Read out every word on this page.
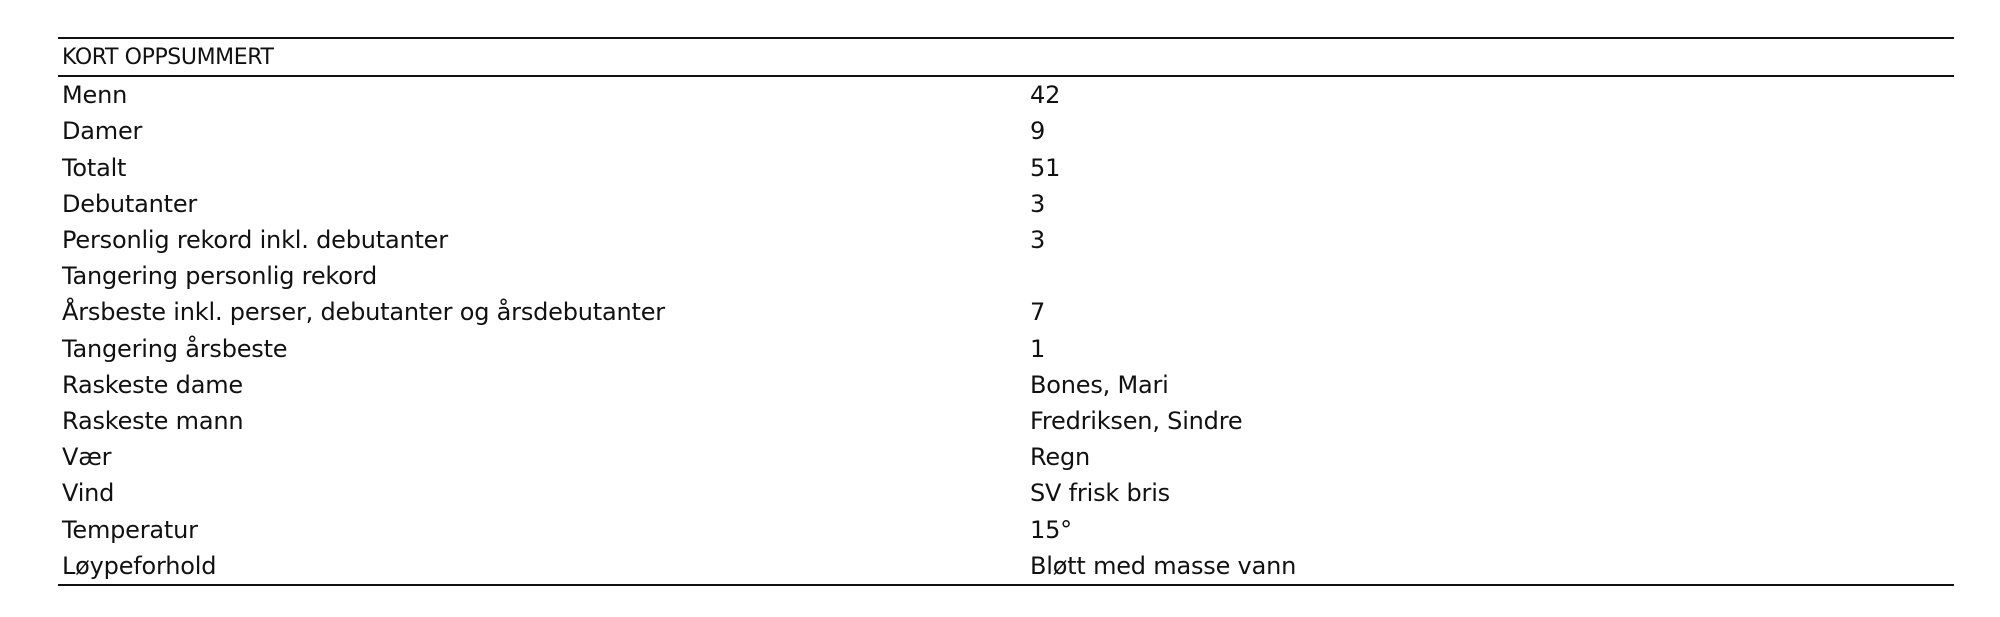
KORT OPPSUMMERT	
Menn	42
Damer	9
Totalt	51
Debutanter	3
Personlig rekord inkl. debutanter	3
Tangering personlig rekord	
Årsbeste inkl. perser, debutanter og årsdebutanter	7
Tangering årsbeste	1
Raskeste dame	Bones, Mari
Raskeste mann	Fredriksen, Sindre
Vær	Regn
Vind	SV frisk bris
Temperatur	15°
Løypeforhold	Bløtt med masse vann
